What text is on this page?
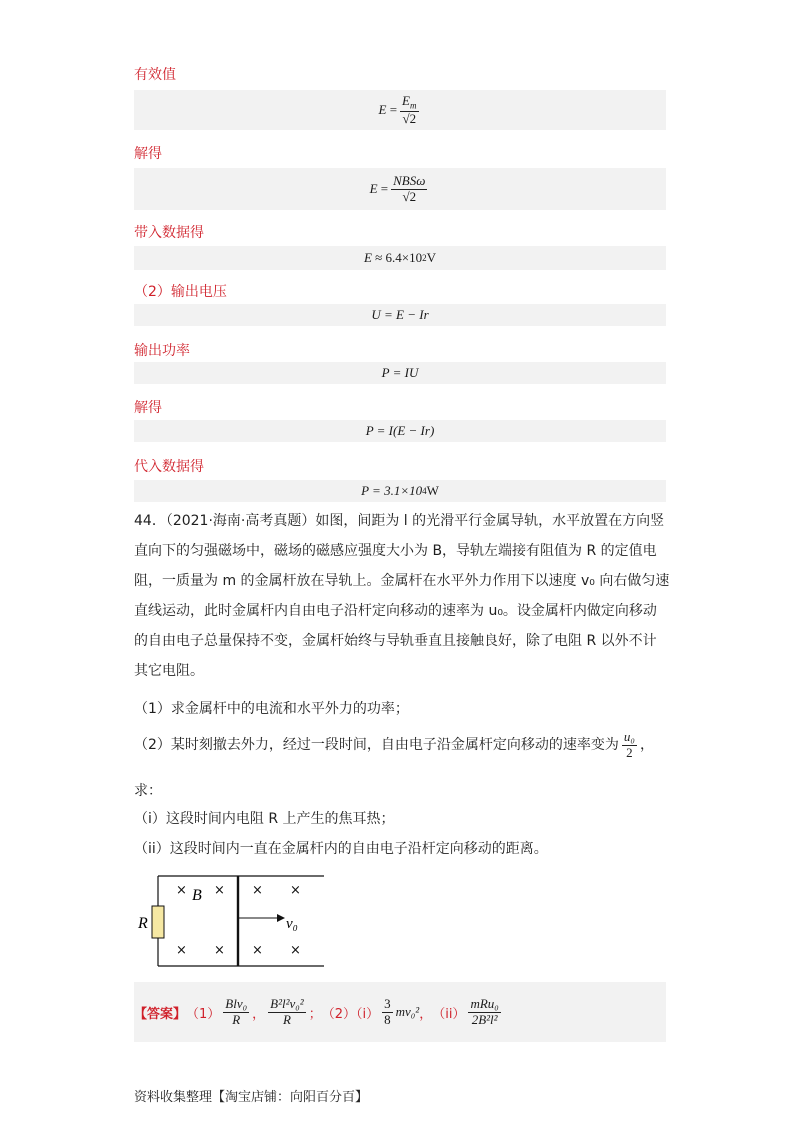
有效值
E
= $\frac{E_m}{√2}$
解得
E
= $\frac{\text{NBSω}}{√2}$
带入数据得
E
≈ 6.4×10 2 V
（2）输出电压
U = E − Ir
输出功率
P = IU
解得
P = I(E − Ir)
代入数据得
P = 3.1×10 4 W
44．（2021·海南·高考真题）如图，间距为 l 的光滑平行金属导轨，水平放置在方向竖
直向下的匀强磁场中，磁场的磁感应强度大小为 B，导轨左端接有阻值为 R 的定值电
阻，一质量为 m 的金属杆放在导轨上。金属杆在水平外力作用下以速度 v₀ 向右做匀速
直线运动，此时金属杆内自由电子沿杆定向移动的速率为 u₀。设金属杆内做定向移动
的自由电子总量保持不变，金属杆始终与导轨垂直且接触良好，除了电阻 R 以外不计
其它电阻。
（1）求金属杆中的电流和水平外力的功率；
（2）某时刻撤去外力，经过一段时间，自由电子沿金属杆定向移动的速率变为 $\frac{\text{u₀}}{2}$ ，
求：
（i）这段时间内电阻 R 上产生的焦耳热；
（ii）这段时间内一直在金属杆内的自由电子沿杆定向移动的距离。
R	v₀
B
× × × ×
× × × ×
【答案】 $(1) \frac{\text{Blv₀}}{R}$ ， $\frac{\text{B²l²v₀²}}{R}$ ； $(2)(i) \frac{3}{8} mv_0^2$ ， $(ii) \frac{\text{mRu₀}}{\text{2B²l²}}$
资料收集整理【淘宝店铺：向阳百分百】
